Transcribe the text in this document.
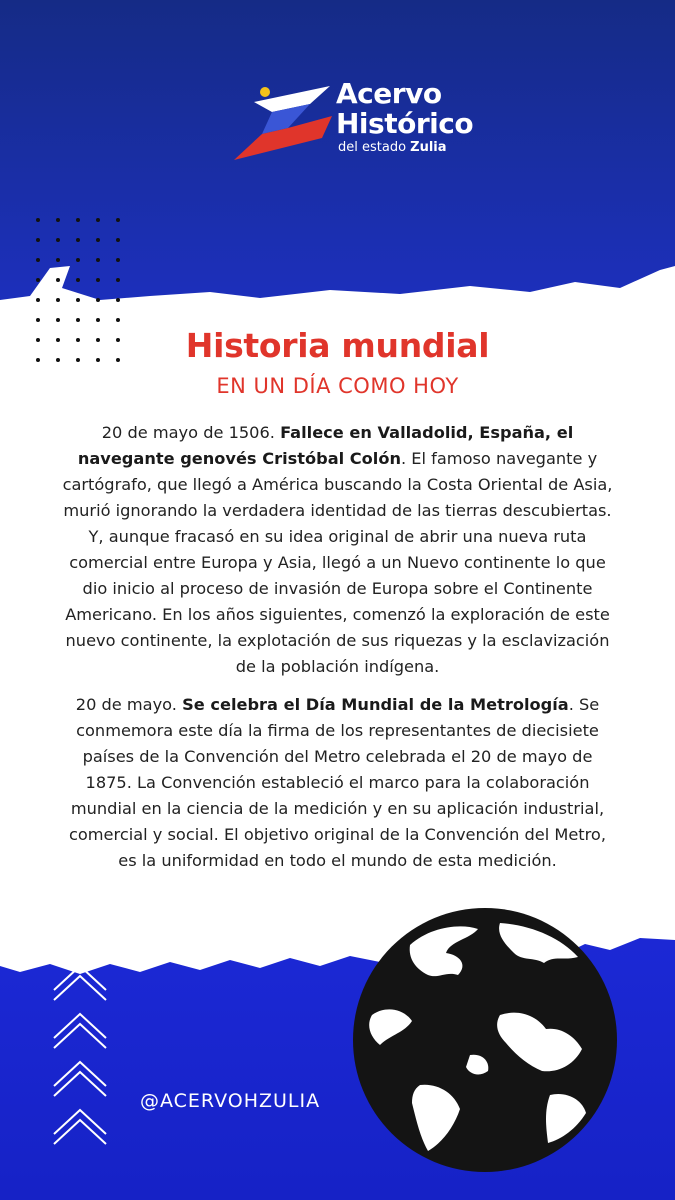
Acervo
Histórico
del estado Zulia
Historia mundial
EN UN DÍA COMO HOY

20 de mayo de 1506. Fallece en Valladolid, España, el navegante genovés Cristóbal Colón. El famoso navegante y cartógrafo, que llegó a América buscando la Costa Oriental de Asia, murió ignorando la verdadera identidad de las tierras descubiertas. Y, aunque fracasó en su idea original de abrir una nueva ruta comercial entre Europa y Asia, llegó a un Nuevo continente lo que dio inicio al proceso de invasión de Europa sobre el Continente Americano. En los años siguientes, comenzó la exploración de este nuevo continente, la explotación de sus riquezas y la esclavización de la población indígena.

20 de mayo. Se celebra el Día Mundial de la Metrología. Se conmemora este día la firma de los representantes de diecisiete países de la Convención del Metro celebrada el 20 de mayo de 1875. La Convención estableció el marco para la colaboración mundial en la ciencia de la medición y en su aplicación industrial, comercial y social. El objetivo original de la Convención del Metro, es la uniformidad en todo el mundo de esta medición.

@ACERVOHZULIA
